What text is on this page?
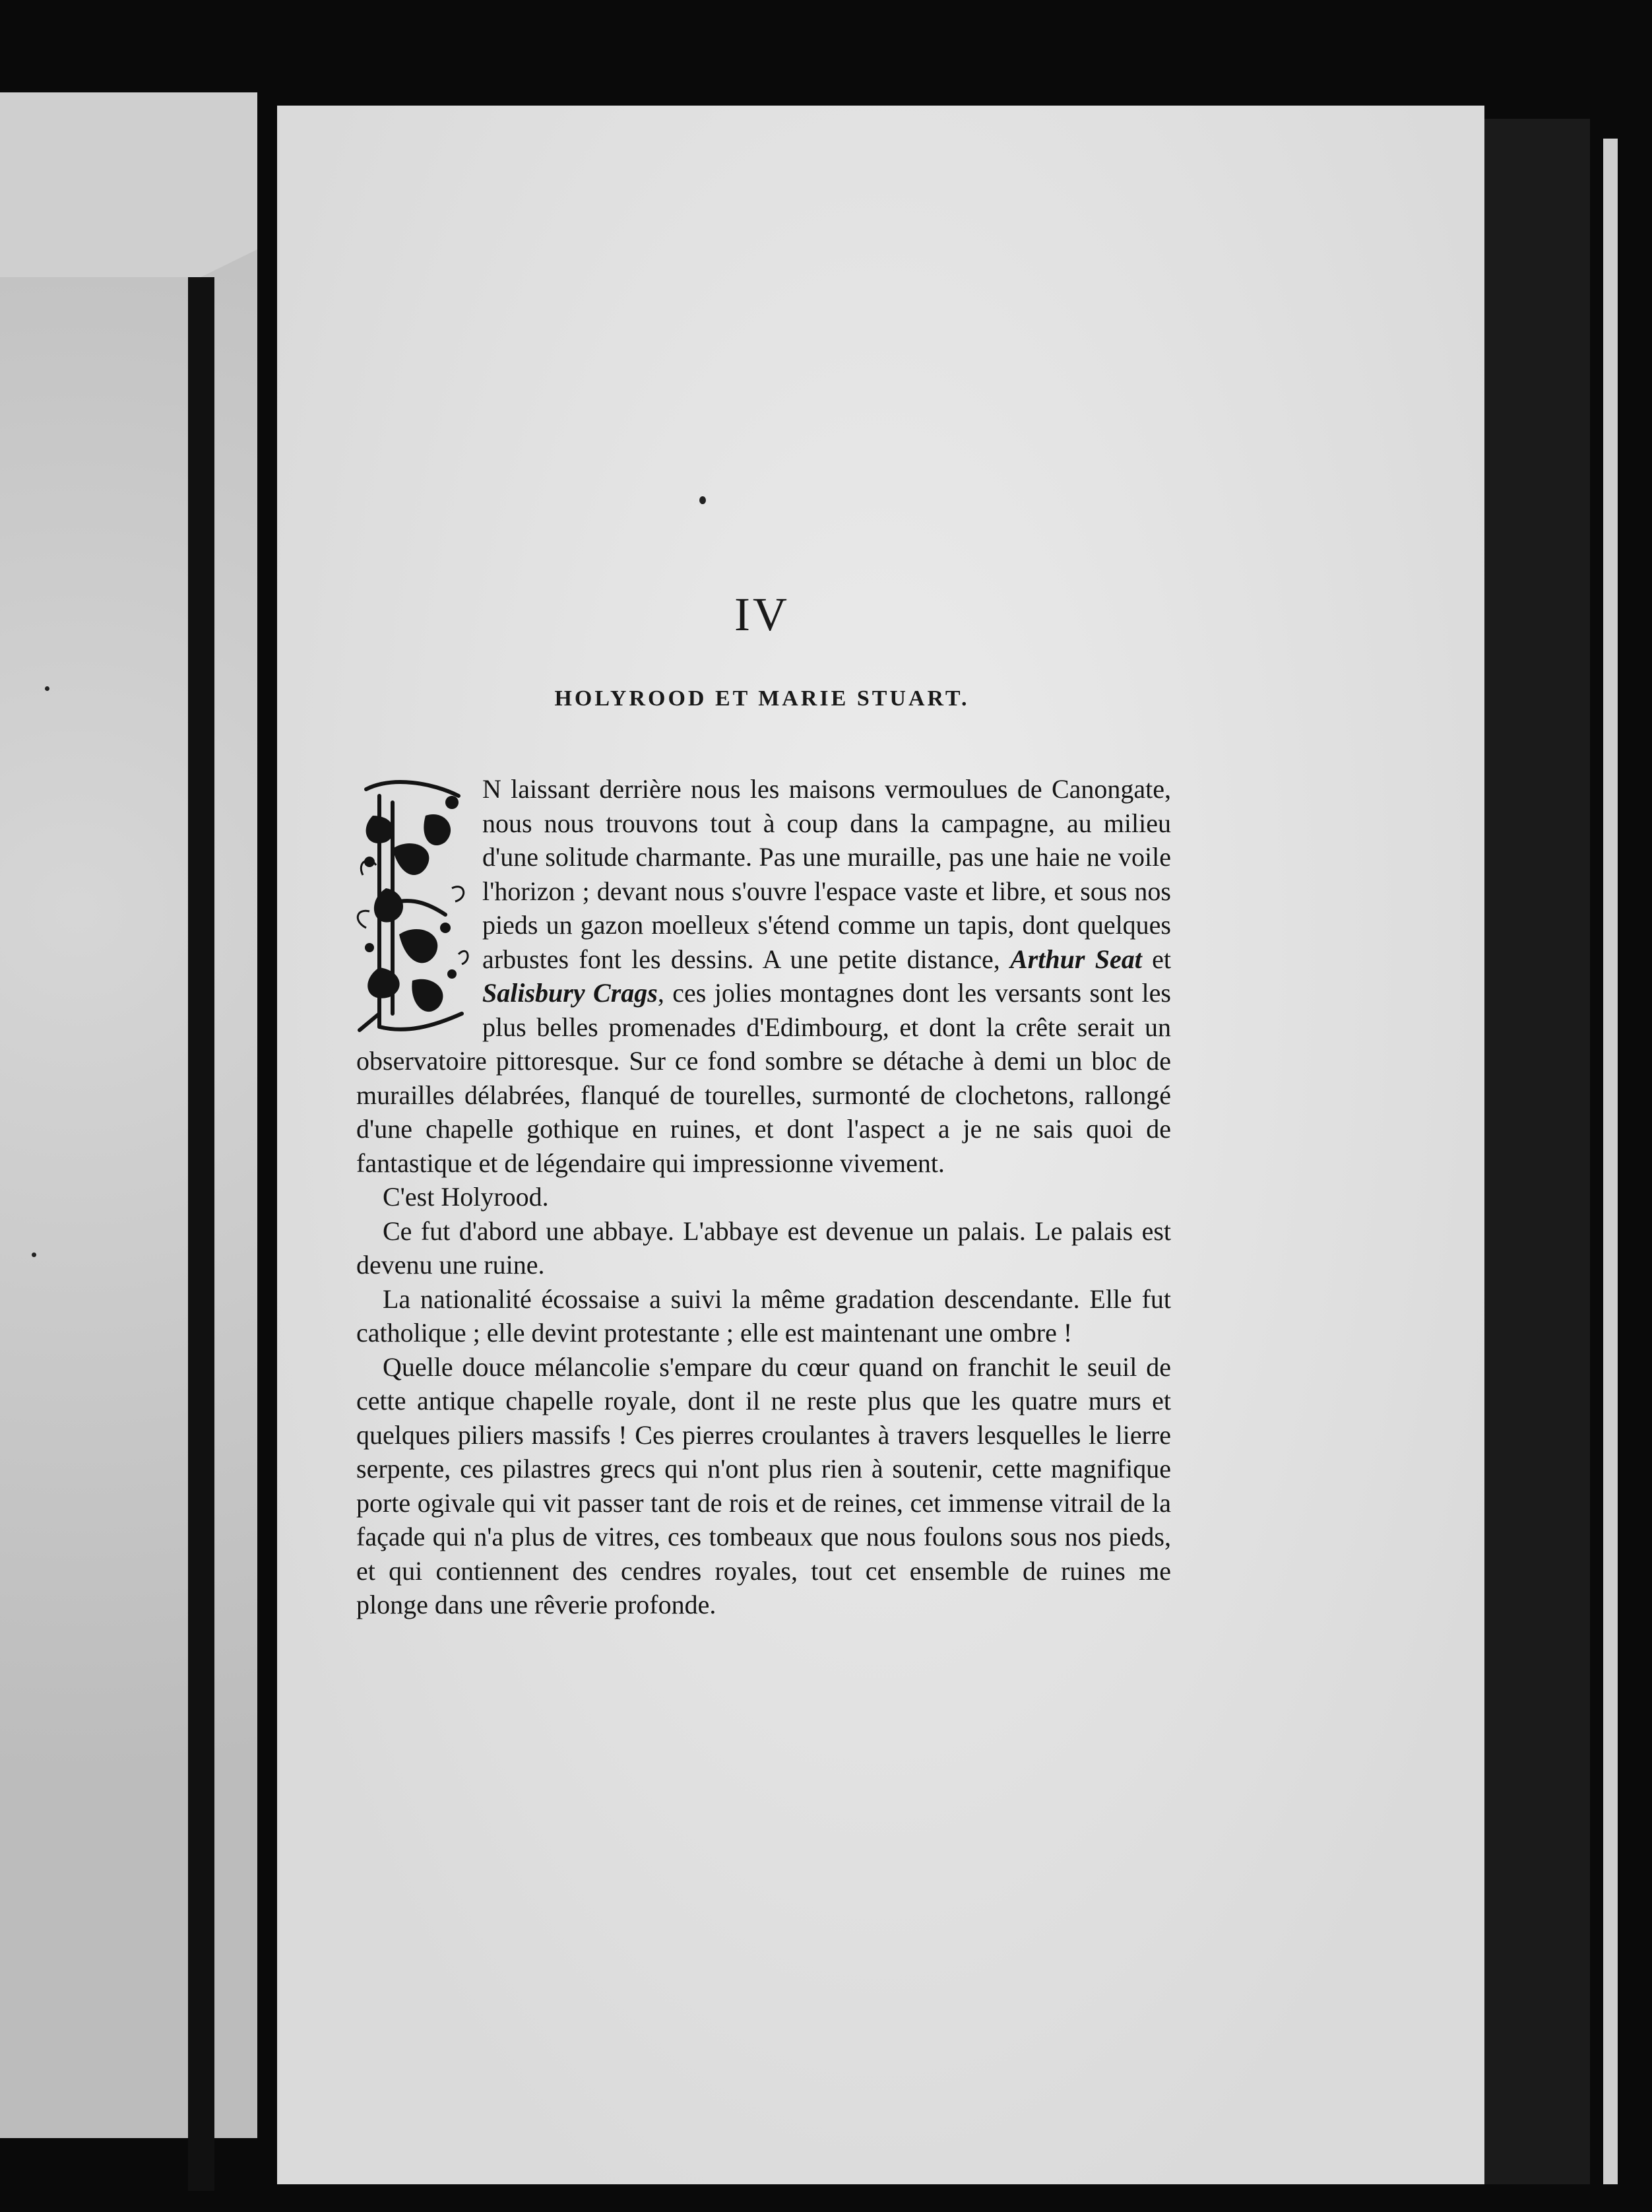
IV
HOLYROOD ET MARIE STUART.

N laissant derrière nous les maisons vermoulues de Canongate, nous nous trouvons tout à coup dans la campagne, au milieu d'une solitude charmante. Pas une muraille, pas une haie ne voile l'horizon ; devant nous s'ouvre l'espace vaste et libre, et sous nos pieds un gazon moelleux s'étend comme un tapis, dont quelques arbustes font les dessins. A une petite distance, Arthur Seat et Salisbury Crags, ces jolies montagnes dont les versants sont les plus belles promenades d'Edimbourg, et dont la crête serait un observatoire pittoresque. Sur ce fond sombre se détache à demi un bloc de murailles délabrées, flanqué de tourelles, surmonté de clochetons, rallongé d'une chapelle gothique en ruines, et dont l'aspect a je ne sais quoi de fantastique et de légendaire qui impressionne vivement.

C'est Holyrood.

Ce fut d'abord une abbaye. L'abbaye est devenue un palais. Le palais est devenu une ruine.

La nationalité écossaise a suivi la même gradation descendante. Elle fut catholique ; elle devint protestante ; elle est maintenant une ombre !

Quelle douce mélancolie s'empare du cœur quand on franchit le seuil de cette antique chapelle royale, dont il ne reste plus que les quatre murs et quelques piliers massifs ! Ces pierres croulantes à travers lesquelles le lierre serpente, ces pilastres grecs qui n'ont plus rien à soutenir, cette magnifique porte ogivale qui vit passer tant de rois et de reines, cet immense vitrail de la façade qui n'a plus de vitres, ces tombeaux que nous foulons sous nos pieds, et qui contiennent des cendres royales, tout cet ensemble de ruines me plonge dans une rêverie profonde.
